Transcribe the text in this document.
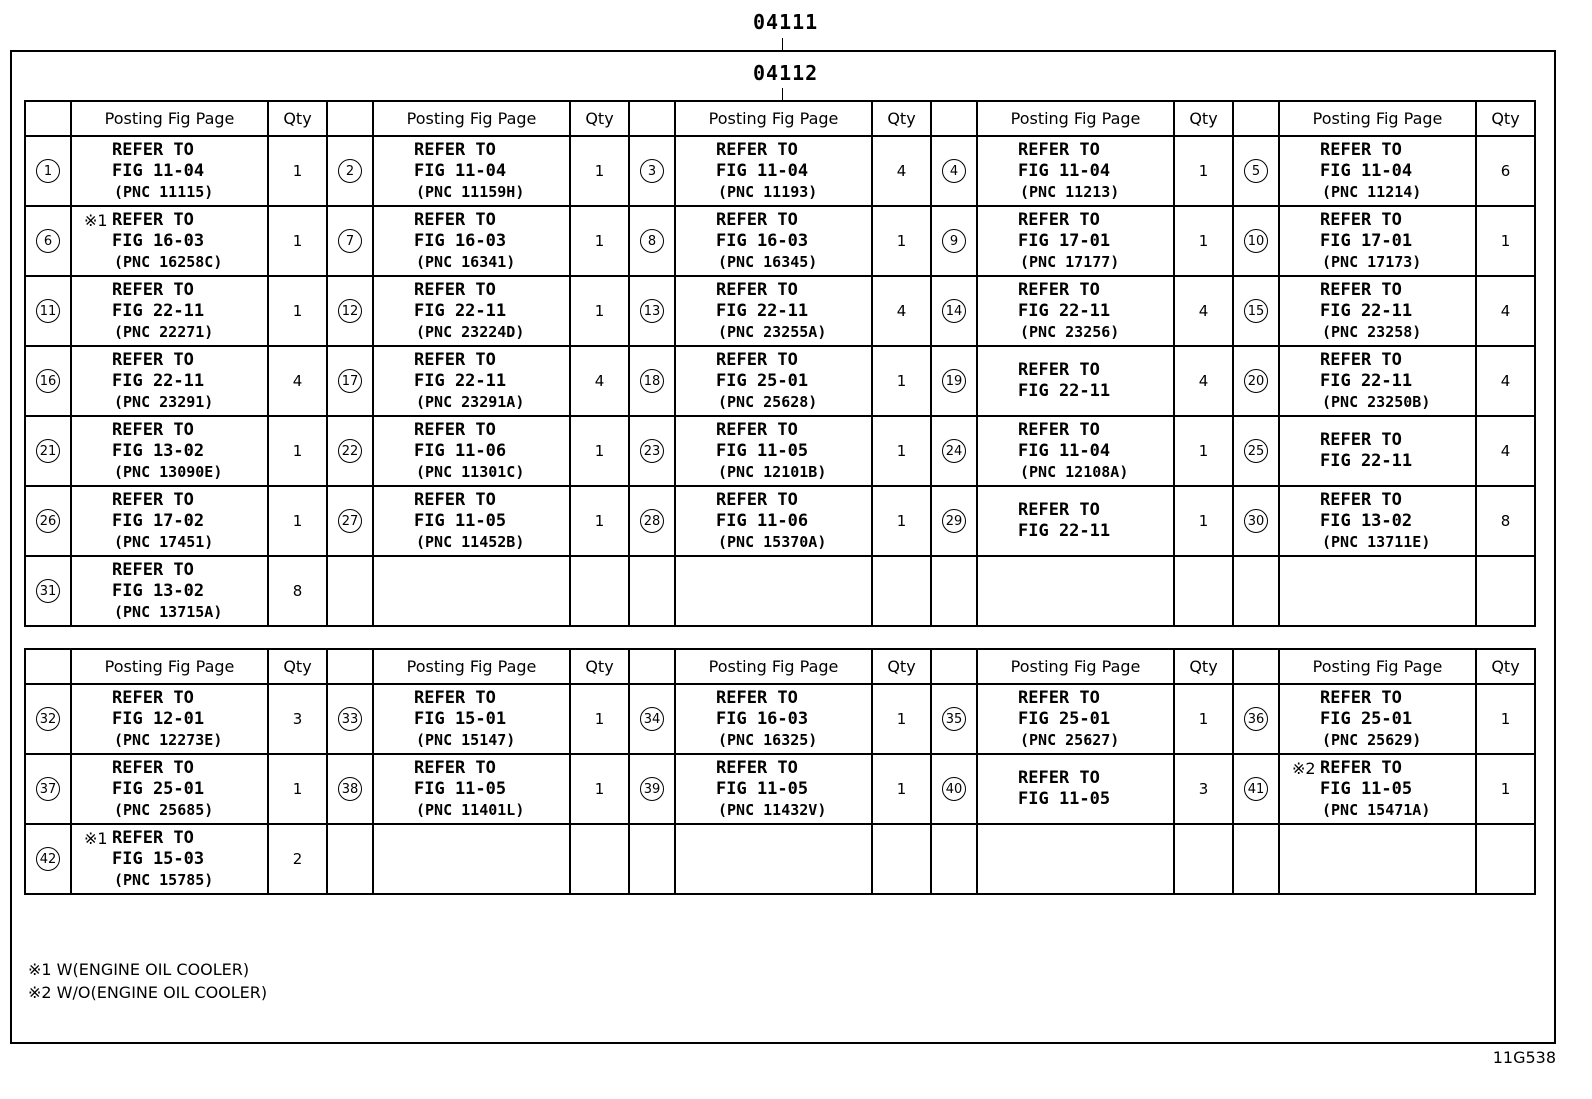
04111
04112
	Posting Fig Page	Qty		Posting Fig Page	Qty		Posting Fig Page	Qty		Posting Fig Page	Qty		Posting Fig Page	Qty
1	REFER TO
FIG 11-04
(PNC 11115)	1	2	REFER TO
FIG 11-04
(PNC 11159H)	1	3	REFER TO
FIG 11-04
(PNC 11193)	4	4	REFER TO
FIG 11-04
(PNC 11213)	1	5	REFER TO
FIG 11-04
(PNC 11214)	6
6	※1 REFER TO
FIG 16-03
(PNC 16258C)	1	7	REFER TO
FIG 16-03
(PNC 16341)	1	8	REFER TO
FIG 16-03
(PNC 16345)	1	9	REFER TO
FIG 17-01
(PNC 17177)	1	10	REFER TO
FIG 17-01
(PNC 17173)	1
11	REFER TO
FIG 22-11
(PNC 22271)	1	12	REFER TO
FIG 22-11
(PNC 23224D)	1	13	REFER TO
FIG 22-11
(PNC 23255A)	4	14	REFER TO
FIG 22-11
(PNC 23256)	4	15	REFER TO
FIG 22-11
(PNC 23258)	4
16	REFER TO
FIG 22-11
(PNC 23291)	4	17	REFER TO
FIG 22-11
(PNC 23291A)	4	18	REFER TO
FIG 25-01
(PNC 25628)	1	19	REFER TO
FIG 22-11	4	20	REFER TO
FIG 22-11
(PNC 23250B)	4
21	REFER TO
FIG 13-02
(PNC 13090E)	1	22	REFER TO
FIG 11-06
(PNC 11301C)	1	23	REFER TO
FIG 11-05
(PNC 12101B)	1	24	REFER TO
FIG 11-04
(PNC 12108A)	1	25	REFER TO
FIG 22-11	4
26	REFER TO
FIG 17-02
(PNC 17451)	1	27	REFER TO
FIG 11-05
(PNC 11452B)	1	28	REFER TO
FIG 11-06
(PNC 15370A)	1	29	REFER TO
FIG 22-11	1	30	REFER TO
FIG 13-02
(PNC 13711E)	8
31	REFER TO
FIG 13-02
(PNC 13715A)	8												
	Posting Fig Page	Qty		Posting Fig Page	Qty		Posting Fig Page	Qty		Posting Fig Page	Qty		Posting Fig Page	Qty
32	REFER TO
FIG 12-01
(PNC 12273E)	3	33	REFER TO
FIG 15-01
(PNC 15147)	1	34	REFER TO
FIG 16-03
(PNC 16325)	1	35	REFER TO
FIG 25-01
(PNC 25627)	1	36	REFER TO
FIG 25-01
(PNC 25629)	1
37	REFER TO
FIG 25-01
(PNC 25685)	1	38	REFER TO
FIG 11-05
(PNC 11401L)	1	39	REFER TO
FIG 11-05
(PNC 11432V)	1	40	REFER TO
FIG 11-05	3	41	※2 REFER TO
FIG 11-05
(PNC 15471A)	1
42	※1 REFER TO
FIG 15-03
(PNC 15785)	2												
※1 W(ENGINE OIL COOLER)
※2 W/O(ENGINE OIL COOLER)
11G538
